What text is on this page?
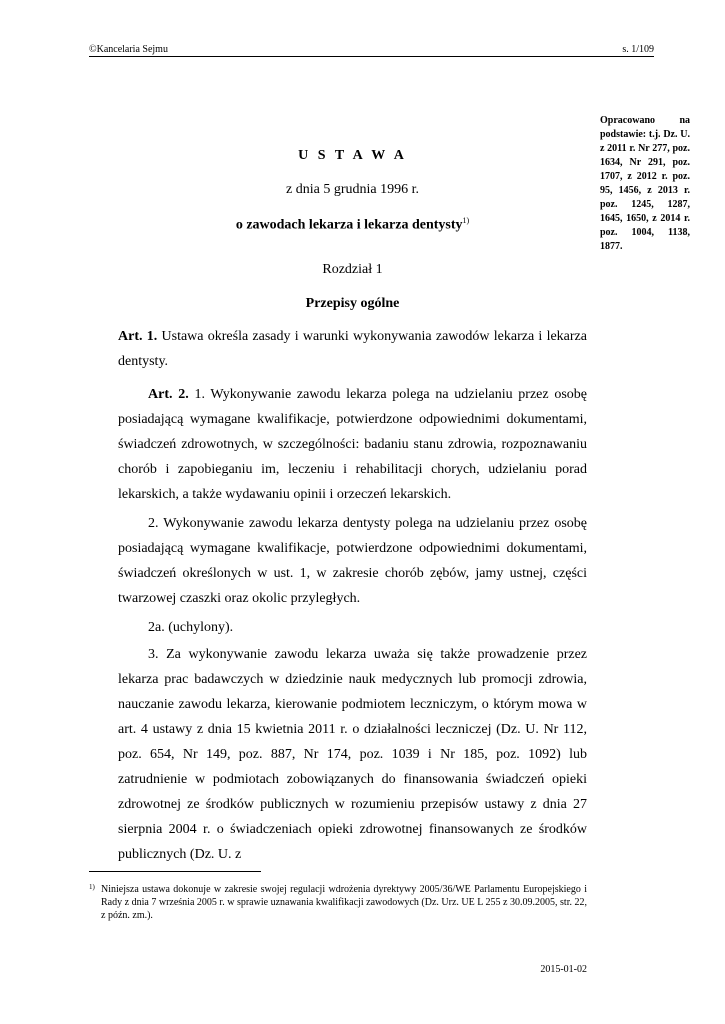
©Kancelaria Sejmu	s. 1/109
Opracowano na podstawie: t.j. Dz. U. z 2011 r. Nr 277, poz. 1634, Nr 291, poz. 1707, z 2012 r. poz. 95, 1456, z 2013 r. poz. 1245, 1287, 1645, 1650, z 2014 r. poz. 1004, 1138, 1877.
U S T A W A
z dnia 5 grudnia 1996 r.
o zawodach lekarza i lekarza dentysty$^{1)}$
Rozdział 1
Przepisy ogólne

Art. 1. Ustawa określa zasady i warunki wykonywania zawodów lekarza i lekarza dentysty.

Art. 2. 1. Wykonywanie zawodu lekarza polega na udzielaniu przez osobę posiadającą wymagane kwalifikacje, potwierdzone odpowiednimi dokumentami, świadczeń zdrowotnych, w szczególności: badaniu stanu zdrowia, rozpoznawaniu chorób i zapobieganiu im, leczeniu i rehabilitacji chorych, udzielaniu porad lekarskich, a także wydawaniu opinii i orzeczeń lekarskich.

2. Wykonywanie zawodu lekarza dentysty polega na udzielaniu przez osobę posiadającą wymagane kwalifikacje, potwierdzone odpowiednimi dokumentami, świadczeń określonych w ust. 1, w zakresie chorób zębów, jamy ustnej, części twarzowej czaszki oraz okolic przyległych.

2a. (uchylony).

3. Za wykonywanie zawodu lekarza uważa się także prowadzenie przez lekarza prac badawczych w dziedzinie nauk medycznych lub promocji zdrowia, nauczanie zawodu lekarza, kierowanie podmiotem leczniczym, o którym mowa w art. 4 ustawy z dnia 15 kwietnia 2011 r. o działalności leczniczej (Dz. U. Nr 112, poz. 654, Nr 149, poz. 887, Nr 174, poz. 1039 i Nr 185, poz. 1092) lub zatrudnienie w podmiotach zobowiązanych do finansowania świadczeń opieki zdrowotnej ze środków publicznych w rozumieniu przepisów ustawy z dnia 27 sierpnia 2004 r. o świadczeniach opieki zdrowotnej finansowanych ze środków publicznych (Dz. U. z

1) Niniejsza ustawa dokonuje w zakresie swojej regulacji wdrożenia dyrektywy 2005/36/WE Parlamentu Europejskiego i Rady z dnia 7 września 2005 r. w sprawie uznawania kwalifikacji zawodowych (Dz. Urz. UE L 255 z 30.09.2005, str. 22, z późn. zm.).
2015-01-02
